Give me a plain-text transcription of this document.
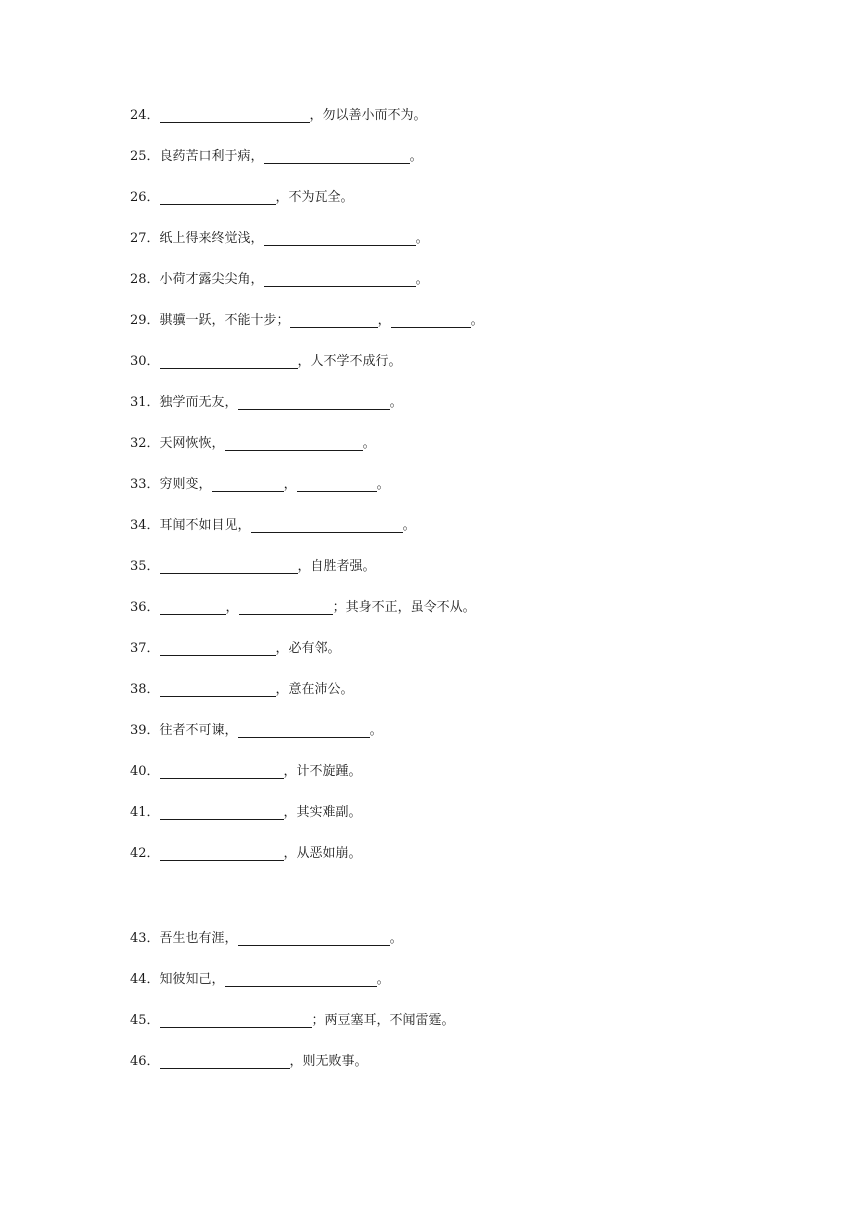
24．	，勿以善小而不为。
25． 良药苦口利于病，	。
26．	，不为瓦全。
27． 纸上得来终觉浅，	。
28． 小荷才露尖尖角，	。
29． 骐骥一跃，不能十步；	，	。
30．	，人不学不成行。
31． 独学而无友，	。
32． 天网恢恢，	。
33． 穷则变，	，	。
34． 耳闻不如目见，	。
35．	，自胜者强。
36．	，	；其身不正，虽令不从。
37．	，必有邻。
38．	，意在沛公。
39． 往者不可谏，	。
40．	，计不旋踵。
41．	，其实难副。
42．	，从恶如崩。
43． 吾生也有涯，	。
44． 知彼知己，	。
45．	；两豆塞耳，不闻雷霆。
46．	，则无败事。
